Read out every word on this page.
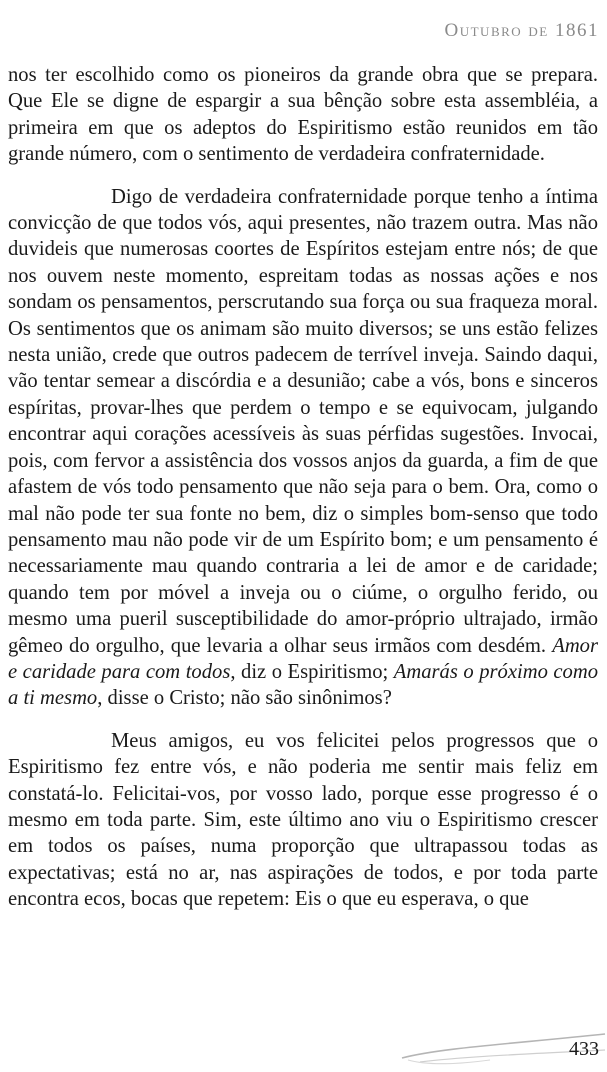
Outubro de 1861

nos ter escolhido como os pioneiros da grande obra que se prepara. Que Ele se digne de espargir a sua bênção sobre esta assembléia, a primeira em que os adeptos do Espiritismo estão reunidos em tão grande número, com o sentimento de verdadeira confraternidade.

Digo de verdadeira confraternidade porque tenho a íntima convicção de que todos vós, aqui presentes, não trazem outra. Mas não duvideis que numerosas coortes de Espíritos estejam entre nós; de que nos ouvem neste momento, espreitam todas as nossas ações e nos sondam os pensamentos, perscrutando sua força ou sua fraqueza moral. Os sentimentos que os animam são muito diversos; se uns estão felizes nesta união, crede que outros padecem de terrível inveja. Saindo daqui, vão tentar semear a discórdia e a desunião; cabe a vós, bons e sinceros espíritas, provar-lhes que perdem o tempo e se equivocam, julgando encontrar aqui corações acessíveis às suas pérfidas sugestões. Invocai, pois, com fervor a assistência dos vossos anjos da guarda, a fim de que afastem de vós todo pensamento que não seja para o bem. Ora, como o mal não pode ter sua fonte no bem, diz o simples bom-senso que todo pensamento mau não pode vir de um Espírito bom; e um pensamento é necessariamente mau quando contraria a lei de amor e de caridade; quando tem por móvel a inveja ou o ciúme, o orgulho ferido, ou mesmo uma pueril susceptibilidade do amor-próprio ultrajado, irmão gêmeo do orgulho, que levaria a olhar seus irmãos com desdém. Amor e caridade para com todos, diz o Espiritismo; Amarás o próximo como a ti mesmo, disse o Cristo; não são sinônimos?

Meus amigos, eu vos felicitei pelos progressos que o Espiritismo fez entre vós, e não poderia me sentir mais feliz em constatá-lo. Felicitai-vos, por vosso lado, porque esse progresso é o mesmo em toda parte. Sim, este último ano viu o Espiritismo crescer em todos os países, numa proporção que ultrapassou todas as expectativas; está no ar, nas aspirações de todos, e por toda parte encontra ecos, bocas que repetem: Eis o que eu esperava, o que

433
